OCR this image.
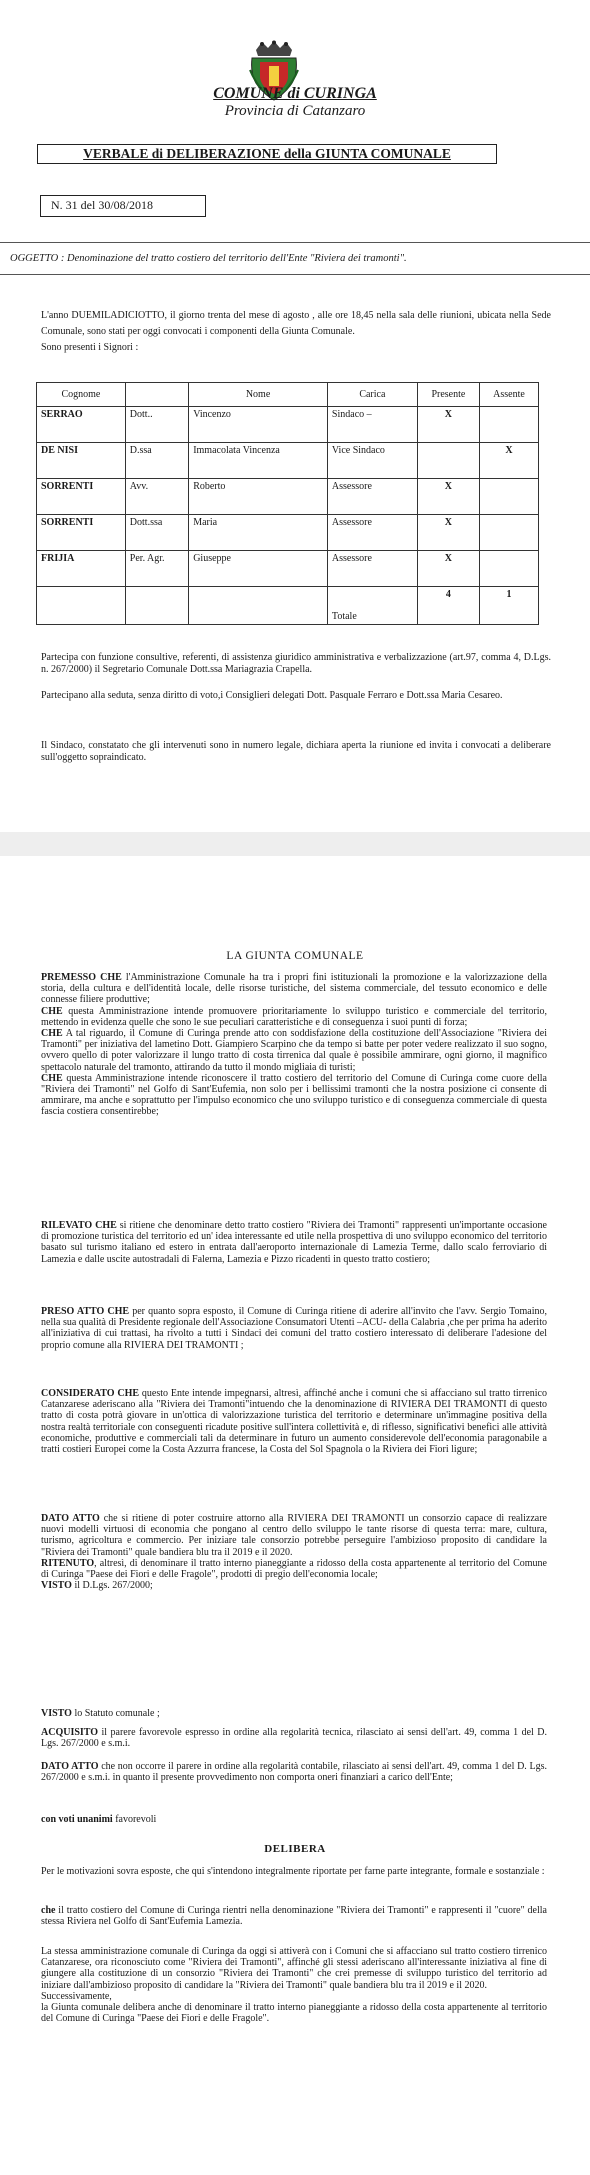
COMUNE di CURINGA
Provincia di Catanzaro
VERBALE di DELIBERAZIONE della GIUNTA COMUNALE
N. 31 del 30/08/2018
OGGETTO : Denominazione del tratto costiero del territorio dell'Ente "Riviera dei tramonti".
L'anno DUEMILADICIOTTO, il giorno trenta del mese di agosto , alle ore 18,45 nella sala delle riunioni, ubicata nella Sede Comunale, sono stati per oggi convocati i componenti della Giunta Comunale.
Sono presenti i Signori :
Cognome		Nome	Carica	Presente	Assente
SERRAO	Dott..	Vincenzo	Sindaco –	X	
DE NISI	D.ssa	Immacolata Vincenza	Vice Sindaco		X
SORRENTI	Avv.	Roberto	Assessore	X	
SORRENTI	Dott.ssa	Maria	Assessore	X	
FRIJIA	Per. Agr.	Giuseppe	Assessore	X	
			Totale	4	1
Partecipa con funzione consultive, referenti, di assistenza giuridico amministrativa e verbalizzazione (art.97, comma 4, D.Lgs. n. 267/2000) il Segretario Comunale Dott.ssa Mariagrazia Crapella.
Partecipano alla seduta, senza diritto di voto,i Consiglieri delegati Dott. Pasquale Ferraro e Dott.ssa Maria Cesareo.
Il Sindaco, constatato che gli intervenuti sono in numero legale, dichiara aperta la riunione ed invita i convocati a deliberare sull'oggetto sopraindicato.
LA GIUNTA COMUNALE
PREMESSO CHE l'Amministrazione Comunale ha tra i propri fini istituzionali la promozione e la valorizzazione della storia, della cultura e dell'identità locale, delle risorse turistiche, del sistema commerciale, del tessuto economico e delle connesse filiere produttive;
CHE questa Amministrazione intende promuovere prioritariamente lo sviluppo turistico e commerciale del territorio, mettendo in evidenza quelle che sono le sue peculiari caratteristiche e di conseguenza i suoi punti di forza;
CHE A tal riguardo, il Comune di Curinga prende atto con soddisfazione della costituzione dell'Associazione "Riviera dei Tramonti" per iniziativa del lametino Dott. Giampiero Scarpino che da tempo si batte per poter vedere realizzato il suo sogno, ovvero quello di poter valorizzare il lungo tratto di costa tirrenica dal quale è possibile ammirare, ogni giorno, il magnifico spettacolo naturale del tramonto, attirando da tutto il mondo migliaia di turisti;
CHE questa Amministrazione intende riconoscere il tratto costiero del territorio del Comune di Curinga come cuore della "Riviera dei Tramonti" nel Golfo di Sant'Eufemia, non solo per i bellissimi tramonti che la nostra posizione ci consente di ammirare, ma anche e soprattutto per l'impulso economico che uno sviluppo turistico e di conseguenza commerciale di questa fascia costiera consentirebbe;
RILEVATO CHE si ritiene che denominare detto tratto costiero "Riviera dei Tramonti" rappresenti un'importante occasione di promozione turistica del territorio ed un' idea interessante ed utile nella prospettiva di uno sviluppo economico del territorio basato sul turismo italiano ed estero in entrata dall'aeroporto internazionale di Lamezia Terme, dallo scalo ferroviario di Lamezia e dalle uscite autostradali di Falerna, Lamezia e Pizzo ricadenti in questo tratto costiero;
PRESO ATTO CHE per quanto sopra esposto, il Comune di Curinga ritiene di aderire all'invito che l'avv. Sergio Tomaino, nella sua qualità di Presidente regionale dell'Associazione Consumatori Utenti –ACU- della Calabria ,che per prima ha aderito all'iniziativa di cui trattasi, ha rivolto a tutti i Sindaci dei comuni del tratto costiero interessato di deliberare l'adesione del proprio comune alla RIVIERA DEI TRAMONTI ;
CONSIDERATO CHE questo Ente intende impegnarsi, altresì, affinché anche i comuni che si affacciano sul tratto tirrenico Catanzarese aderiscano alla "Riviera dei Tramonti"intuendo che la denominazione di RIVIERA DEI TRAMONTI di questo tratto di costa potrà giovare in un'ottica di valorizzazione turistica del territorio e determinare un'immagine positiva della nostra realtà territoriale con conseguenti ricadute positive sull'intera collettività e, di riflesso, significativi benefici alle attività economiche, produttive e commerciali tali da determinare in futuro un aumento considerevole dell'economia paragonabile a tratti costieri Europei come la Costa Azzurra francese, la Costa del Sol Spagnola o la Riviera dei Fiori ligure;
DATO ATTO che si ritiene di poter costruire attorno alla RIVIERA DEI TRAMONTI un consorzio capace di realizzare nuovi modelli virtuosi di economia che pongano al centro dello sviluppo le tante risorse di questa terra: mare, cultura, turismo, agricoltura e commercio. Per iniziare tale consorzio potrebbe perseguire l'ambizioso proposito di candidare la "Riviera dei Tramonti" quale bandiera blu tra il 2019 e il 2020.
RITENUTO, altresì, di denominare il tratto interno pianeggiante a ridosso della costa appartenente al territorio del Comune di Curinga "Paese dei Fiori e delle Fragole", prodotti di pregio dell'economia locale;
VISTO il D.Lgs. 267/2000;
VISTO lo Statuto comunale ;
ACQUISITO il parere favorevole espresso in ordine alla regolarità tecnica, rilasciato ai sensi dell'art. 49, comma 1 del D. Lgs. 267/2000 e s.m.i.
DATO ATTO che non occorre il parere in ordine alla regolarità contabile, rilasciato ai sensi dell'art. 49, comma 1 del D. Lgs. 267/2000 e s.m.i. in quanto il presente provvedimento non comporta oneri finanziari a carico dell'Ente;
con voti unanimi favorevoli
DELIBERA
Per le motivazioni sovra esposte, che qui s'intendono integralmente riportate per farne parte integrante, formale e sostanziale :
che il tratto costiero del Comune di Curinga rientri nella denominazione "Riviera dei Tramonti" e rappresenti il "cuore" della stessa Riviera nel Golfo di Sant'Eufemia Lamezia.
La stessa amministrazione comunale di Curinga da oggi si attiverà con i Comuni che si affacciano sul tratto costiero tirrenico Catanzarese, ora riconosciuto come "Riviera dei Tramonti", affinché gli stessi aderiscano all'interessante iniziativa al fine di giungere alla costituzione di un consorzio "Riviera dei Tramonti" che crei premesse di sviluppo turistico del territorio ad iniziare dall'ambizioso proposito di candidare la "Riviera dei Tramonti" quale bandiera blu tra il 2019 e il 2020.
Successivamente,
la Giunta comunale delibera anche di denominare il tratto interno pianeggiante a ridosso della costa appartenente al territorio del Comune di Curinga "Paese dei Fiori e delle Fragole".
